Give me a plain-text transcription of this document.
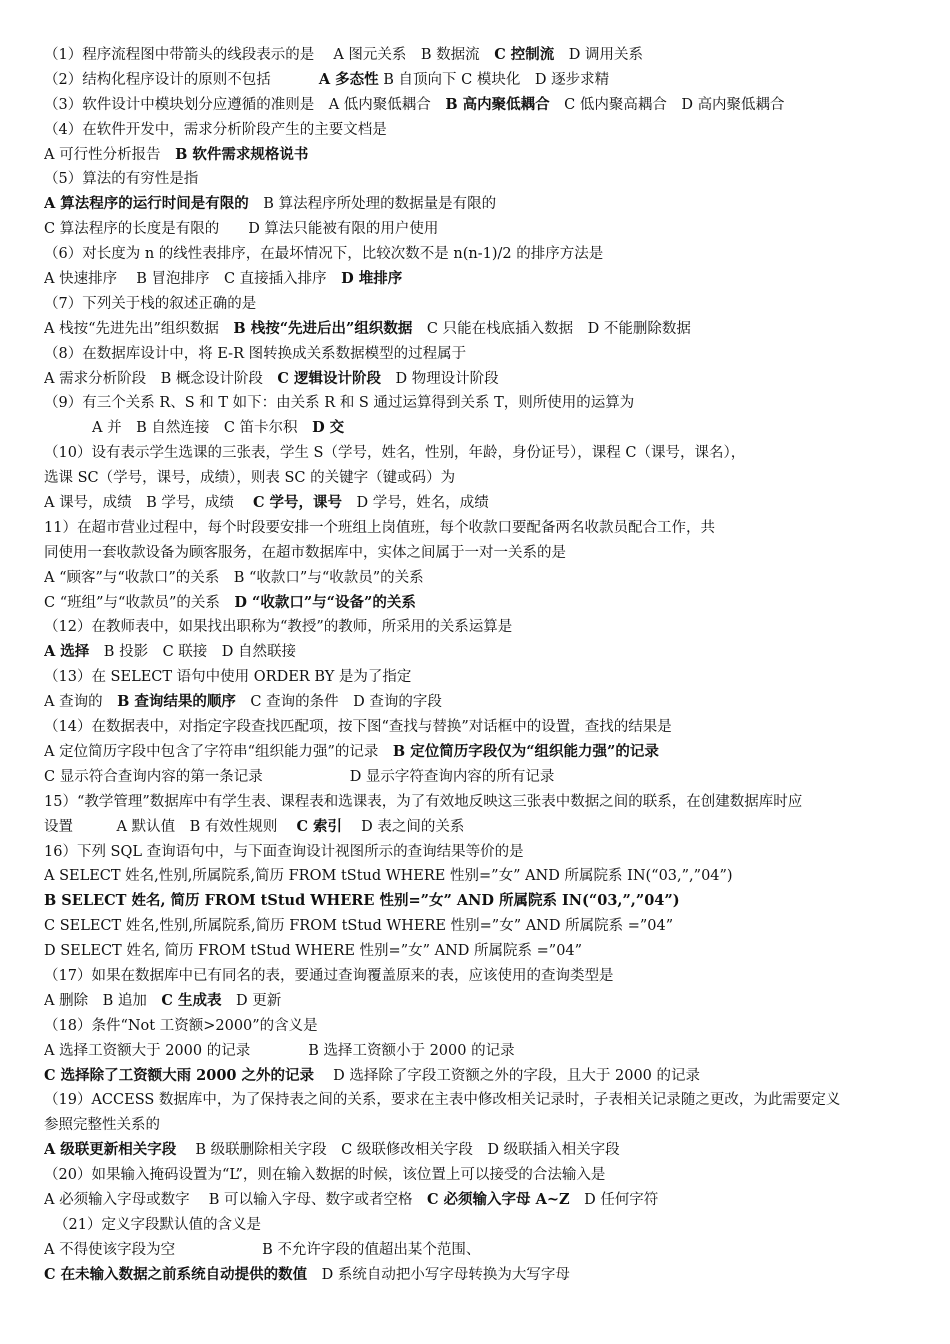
（1）程序流程图中带箭头的线段表示的是　 A 图元关系　B 数据流　C 控制流　D 调用关系
（2）结构化程序设计的原则不包括　　　 A 多态性 B 自顶向下 C 模块化　D 逐步求精
（3）软件设计中模块划分应遵循的准则是　A 低内聚低耦合　B 高内聚低耦合　C 低内聚高耦合　D 高内聚低耦合
（4）在软件开发中，需求分析阶段产生的主要文档是
A 可行性分析报告　B 软件需求规格说书
（5）算法的有穷性是指
A 算法程序的运行时间是有限的　B 算法程序所处理的数据量是有限的
C 算法程序的长度是有限的　　D 算法只能被有限的用户使用
（6）对长度为 n 的线性表排序，在最坏情况下，比较次数不是 n(n-1)/2 的排序方法是
A 快速排序　 B 冒泡排序　C 直接插入排序　D 堆排序
（7）下列关于栈的叙述正确的是
A 栈按“先进先出”组织数据　B 栈按“先进后出”组织数据　C 只能在栈底插入数据　D 不能删除数据
（8）在数据库设计中，将 E-R 图转换成关系数据模型的过程属于
A 需求分析阶段　B 概念设计阶段　C 逻辑设计阶段　D 物理设计阶段
（9）有三个关系 R、S 和 T 如下：由关系 R 和 S 通过运算得到关系 T，则所使用的运算为
A 并　B 自然连接　C 笛卡尔积　D 交
（10）设有表示学生选课的三张表，学生 S（学号，姓名，性别，年龄，身份证号），课程 C（课号，课名），
选课 SC（学号，课号，成绩），则表 SC 的关键字（键或码）为
A 课号，成绩　B 学号，成绩　 C 学号，课号　D 学号，姓名，成绩
11）在超市营业过程中，每个时段要安排一个班组上岗值班，每个收款口要配备两名收款员配合工作，共
同使用一套收款设备为顾客服务，在超市数据库中，实体之间属于一对一关系的是
A “顾客”与“收款口”的关系　B “收款口”与“收款员”的关系
C “班组”与“收款员”的关系　D “收款口”与“设备”的关系
（12）在教师表中，如果找出职称为“教授”的教师，所采用的关系运算是
A 选择　B 投影　C 联接　D 自然联接
（13）在 SELECT 语句中使用 ORDER BY 是为了指定
A 查询的　B 查询结果的顺序　C 查询的条件　D 查询的字段
（14）在数据表中，对指定字段查找匹配项，按下图“查找与替换”对话框中的设置，查找的结果是
A 定位简历字段中包含了字符串“组织能力强”的记录　B 定位简历字段仅为“组织能力强”的记录
C 显示符合查询内容的第一条记录　　　　　　D 显示字符查询内容的所有记录
15）“教学管理”数据库中有学生表、课程表和选课表，为了有效地反映这三张表中数据之间的联系，在创建数据库时应
设置　　　A 默认值　B 有效性规则　 C 索引　 D 表之间的关系
16）下列 SQL 查询语句中，与下面查询设计视图所示的查询结果等价的是
A SELECT 姓名,性别,所属院系,简历 FROM tStud WHERE 性别=”女” AND 所属院系 IN(“03,”,”04”)
B SELECT 姓名, 简历 FROM tStud WHERE 性别=”女” AND 所属院系 IN(“03,”,”04”)
C SELECT 姓名,性别,所属院系,简历 FROM tStud WHERE 性别=”女” AND 所属院系 =”04”
D SELECT 姓名, 简历 FROM tStud WHERE 性别=”女” AND 所属院系 =”04”
（17）如果在数据库中已有同名的表，要通过查询覆盖原来的表，应该使用的查询类型是
A 删除　B 追加　C 生成表　D 更新
（18）条件“Not 工资额>2000”的含义是
A 选择工资额大于 2000 的记录　　　　B 选择工资额小于 2000 的记录
C 选择除了工资额大雨 2000 之外的记录　 D 选择除了字段工资额之外的字段，且大于 2000 的记录
（19）ACCESS 数据库中，为了保持表之间的关系，要求在主表中修改相关记录时，子表相关记录随之更改，为此需要定义
参照完整性关系的
A 级联更新相关字段　 B 级联删除相关字段　C 级联修改相关字段　D 级联插入相关字段
（20）如果输入掩码设置为“L”，则在输入数据的时候，该位置上可以接受的合法输入是
A 必须输入字母或数字　 B 可以输入字母、数字或者空格　C 必须输入字母 A~Z　D 任何字符
（21）定义字段默认值的含义是
A 不得使该字段为空　　　　　　B 不允许字段的值超出某个范围、
C 在未输入数据之前系统自动提供的数值　D 系统自动把小写字母转换为大写字母
